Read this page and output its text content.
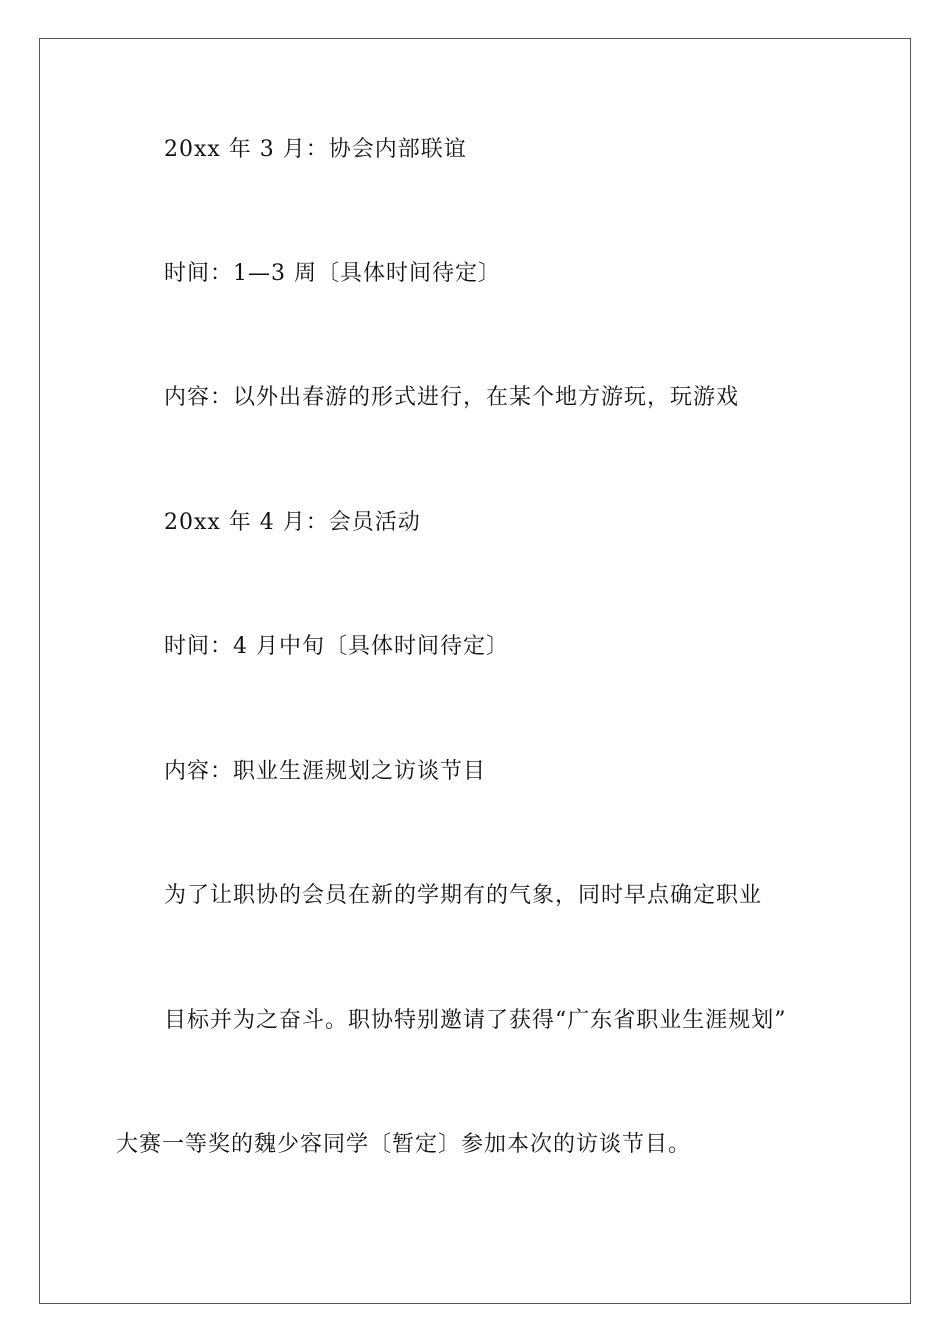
20xx 年 3 月：协会内部联谊

时间：1—3 周〔具体时间待定〕

内容：以外出春游的形式进行，在某个地方游玩，玩游戏

20xx 年 4 月：会员活动

时间：4 月中旬〔具体时间待定〕

内容：职业生涯规划之访谈节目

为了让职协的会员在新的学期有的气象，同时早点确定职业

目标并为之奋斗。职协特别邀请了获得“广东省职业生涯规划”

大赛一等奖的魏少容同学〔暂定〕参加本次的访谈节目。
